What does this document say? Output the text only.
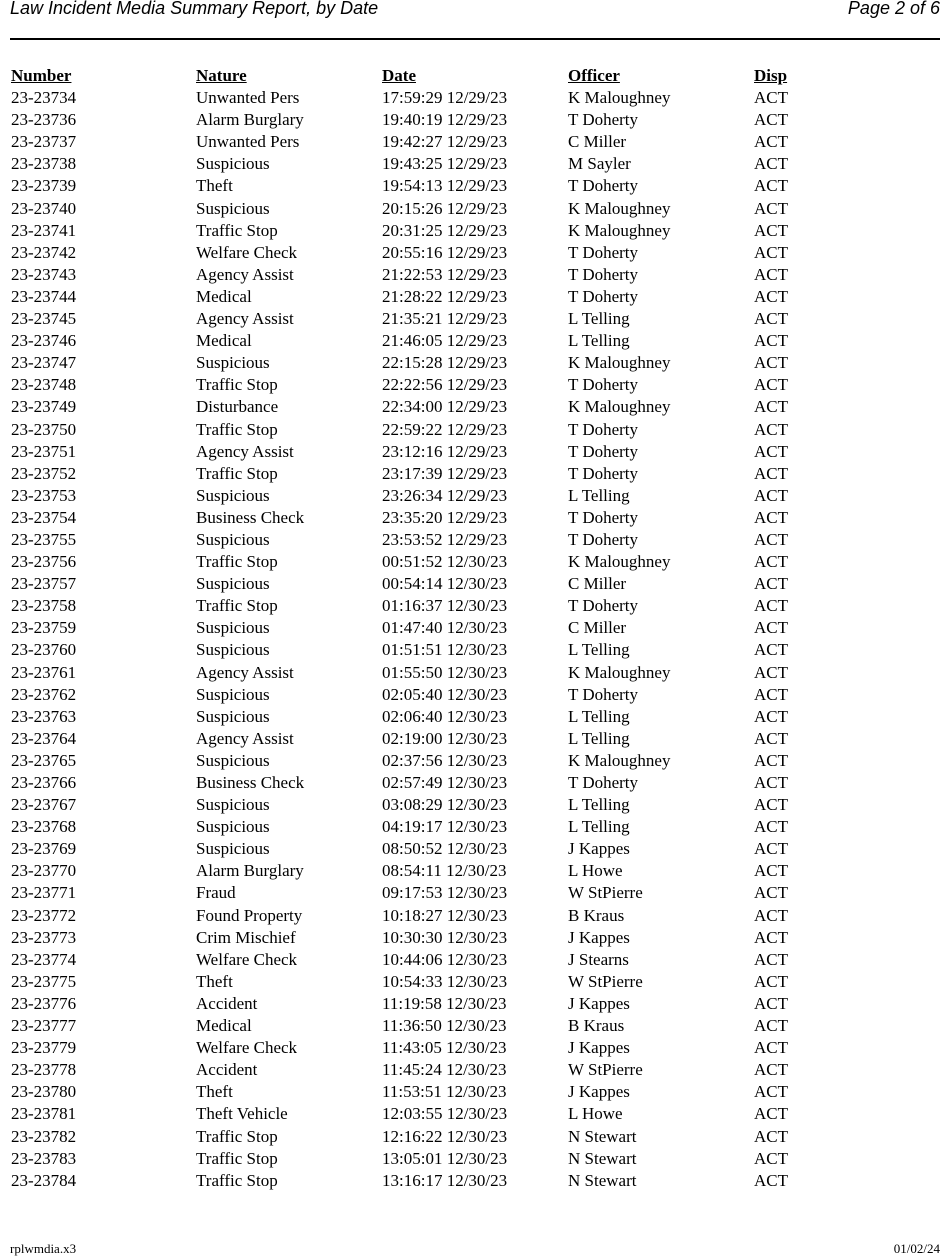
Law Incident Media Summary Report, by Date	Page 2 of 6
Number	Nature	Date	Officer	Disp
23-23734	Unwanted Pers	17:59:29 12/29/23	K Maloughney	ACT
23-23736	Alarm Burglary	19:40:19 12/29/23	T Doherty	ACT
23-23737	Unwanted Pers	19:42:27 12/29/23	C Miller	ACT
23-23738	Suspicious	19:43:25 12/29/23	M Sayler	ACT
23-23739	Theft	19:54:13 12/29/23	T Doherty	ACT
23-23740	Suspicious	20:15:26 12/29/23	K Maloughney	ACT
23-23741	Traffic Stop	20:31:25 12/29/23	K Maloughney	ACT
23-23742	Welfare Check	20:55:16 12/29/23	T Doherty	ACT
23-23743	Agency Assist	21:22:53 12/29/23	T Doherty	ACT
23-23744	Medical	21:28:22 12/29/23	T Doherty	ACT
23-23745	Agency Assist	21:35:21 12/29/23	L Telling	ACT
23-23746	Medical	21:46:05 12/29/23	L Telling	ACT
23-23747	Suspicious	22:15:28 12/29/23	K Maloughney	ACT
23-23748	Traffic Stop	22:22:56 12/29/23	T Doherty	ACT
23-23749	Disturbance	22:34:00 12/29/23	K Maloughney	ACT
23-23750	Traffic Stop	22:59:22 12/29/23	T Doherty	ACT
23-23751	Agency Assist	23:12:16 12/29/23	T Doherty	ACT
23-23752	Traffic Stop	23:17:39 12/29/23	T Doherty	ACT
23-23753	Suspicious	23:26:34 12/29/23	L Telling	ACT
23-23754	Business Check	23:35:20 12/29/23	T Doherty	ACT
23-23755	Suspicious	23:53:52 12/29/23	T Doherty	ACT
23-23756	Traffic Stop	00:51:52 12/30/23	K Maloughney	ACT
23-23757	Suspicious	00:54:14 12/30/23	C Miller	ACT
23-23758	Traffic Stop	01:16:37 12/30/23	T Doherty	ACT
23-23759	Suspicious	01:47:40 12/30/23	C Miller	ACT
23-23760	Suspicious	01:51:51 12/30/23	L Telling	ACT
23-23761	Agency Assist	01:55:50 12/30/23	K Maloughney	ACT
23-23762	Suspicious	02:05:40 12/30/23	T Doherty	ACT
23-23763	Suspicious	02:06:40 12/30/23	L Telling	ACT
23-23764	Agency Assist	02:19:00 12/30/23	L Telling	ACT
23-23765	Suspicious	02:37:56 12/30/23	K Maloughney	ACT
23-23766	Business Check	02:57:49 12/30/23	T Doherty	ACT
23-23767	Suspicious	03:08:29 12/30/23	L Telling	ACT
23-23768	Suspicious	04:19:17 12/30/23	L Telling	ACT
23-23769	Suspicious	08:50:52 12/30/23	J Kappes	ACT
23-23770	Alarm Burglary	08:54:11 12/30/23	L Howe	ACT
23-23771	Fraud	09:17:53 12/30/23	W StPierre	ACT
23-23772	Found Property	10:18:27 12/30/23	B Kraus	ACT
23-23773	Crim Mischief	10:30:30 12/30/23	J Kappes	ACT
23-23774	Welfare Check	10:44:06 12/30/23	J Stearns	ACT
23-23775	Theft	10:54:33 12/30/23	W StPierre	ACT
23-23776	Accident	11:19:58 12/30/23	J Kappes	ACT
23-23777	Medical	11:36:50 12/30/23	B Kraus	ACT
23-23779	Welfare Check	11:43:05 12/30/23	J Kappes	ACT
23-23778	Accident	11:45:24 12/30/23	W StPierre	ACT
23-23780	Theft	11:53:51 12/30/23	J Kappes	ACT
23-23781	Theft Vehicle	12:03:55 12/30/23	L Howe	ACT
23-23782	Traffic Stop	12:16:22 12/30/23	N Stewart	ACT
23-23783	Traffic Stop	13:05:01 12/30/23	N Stewart	ACT
23-23784	Traffic Stop	13:16:17 12/30/23	N Stewart	ACT
rplwmdia.x3	01/02/24
